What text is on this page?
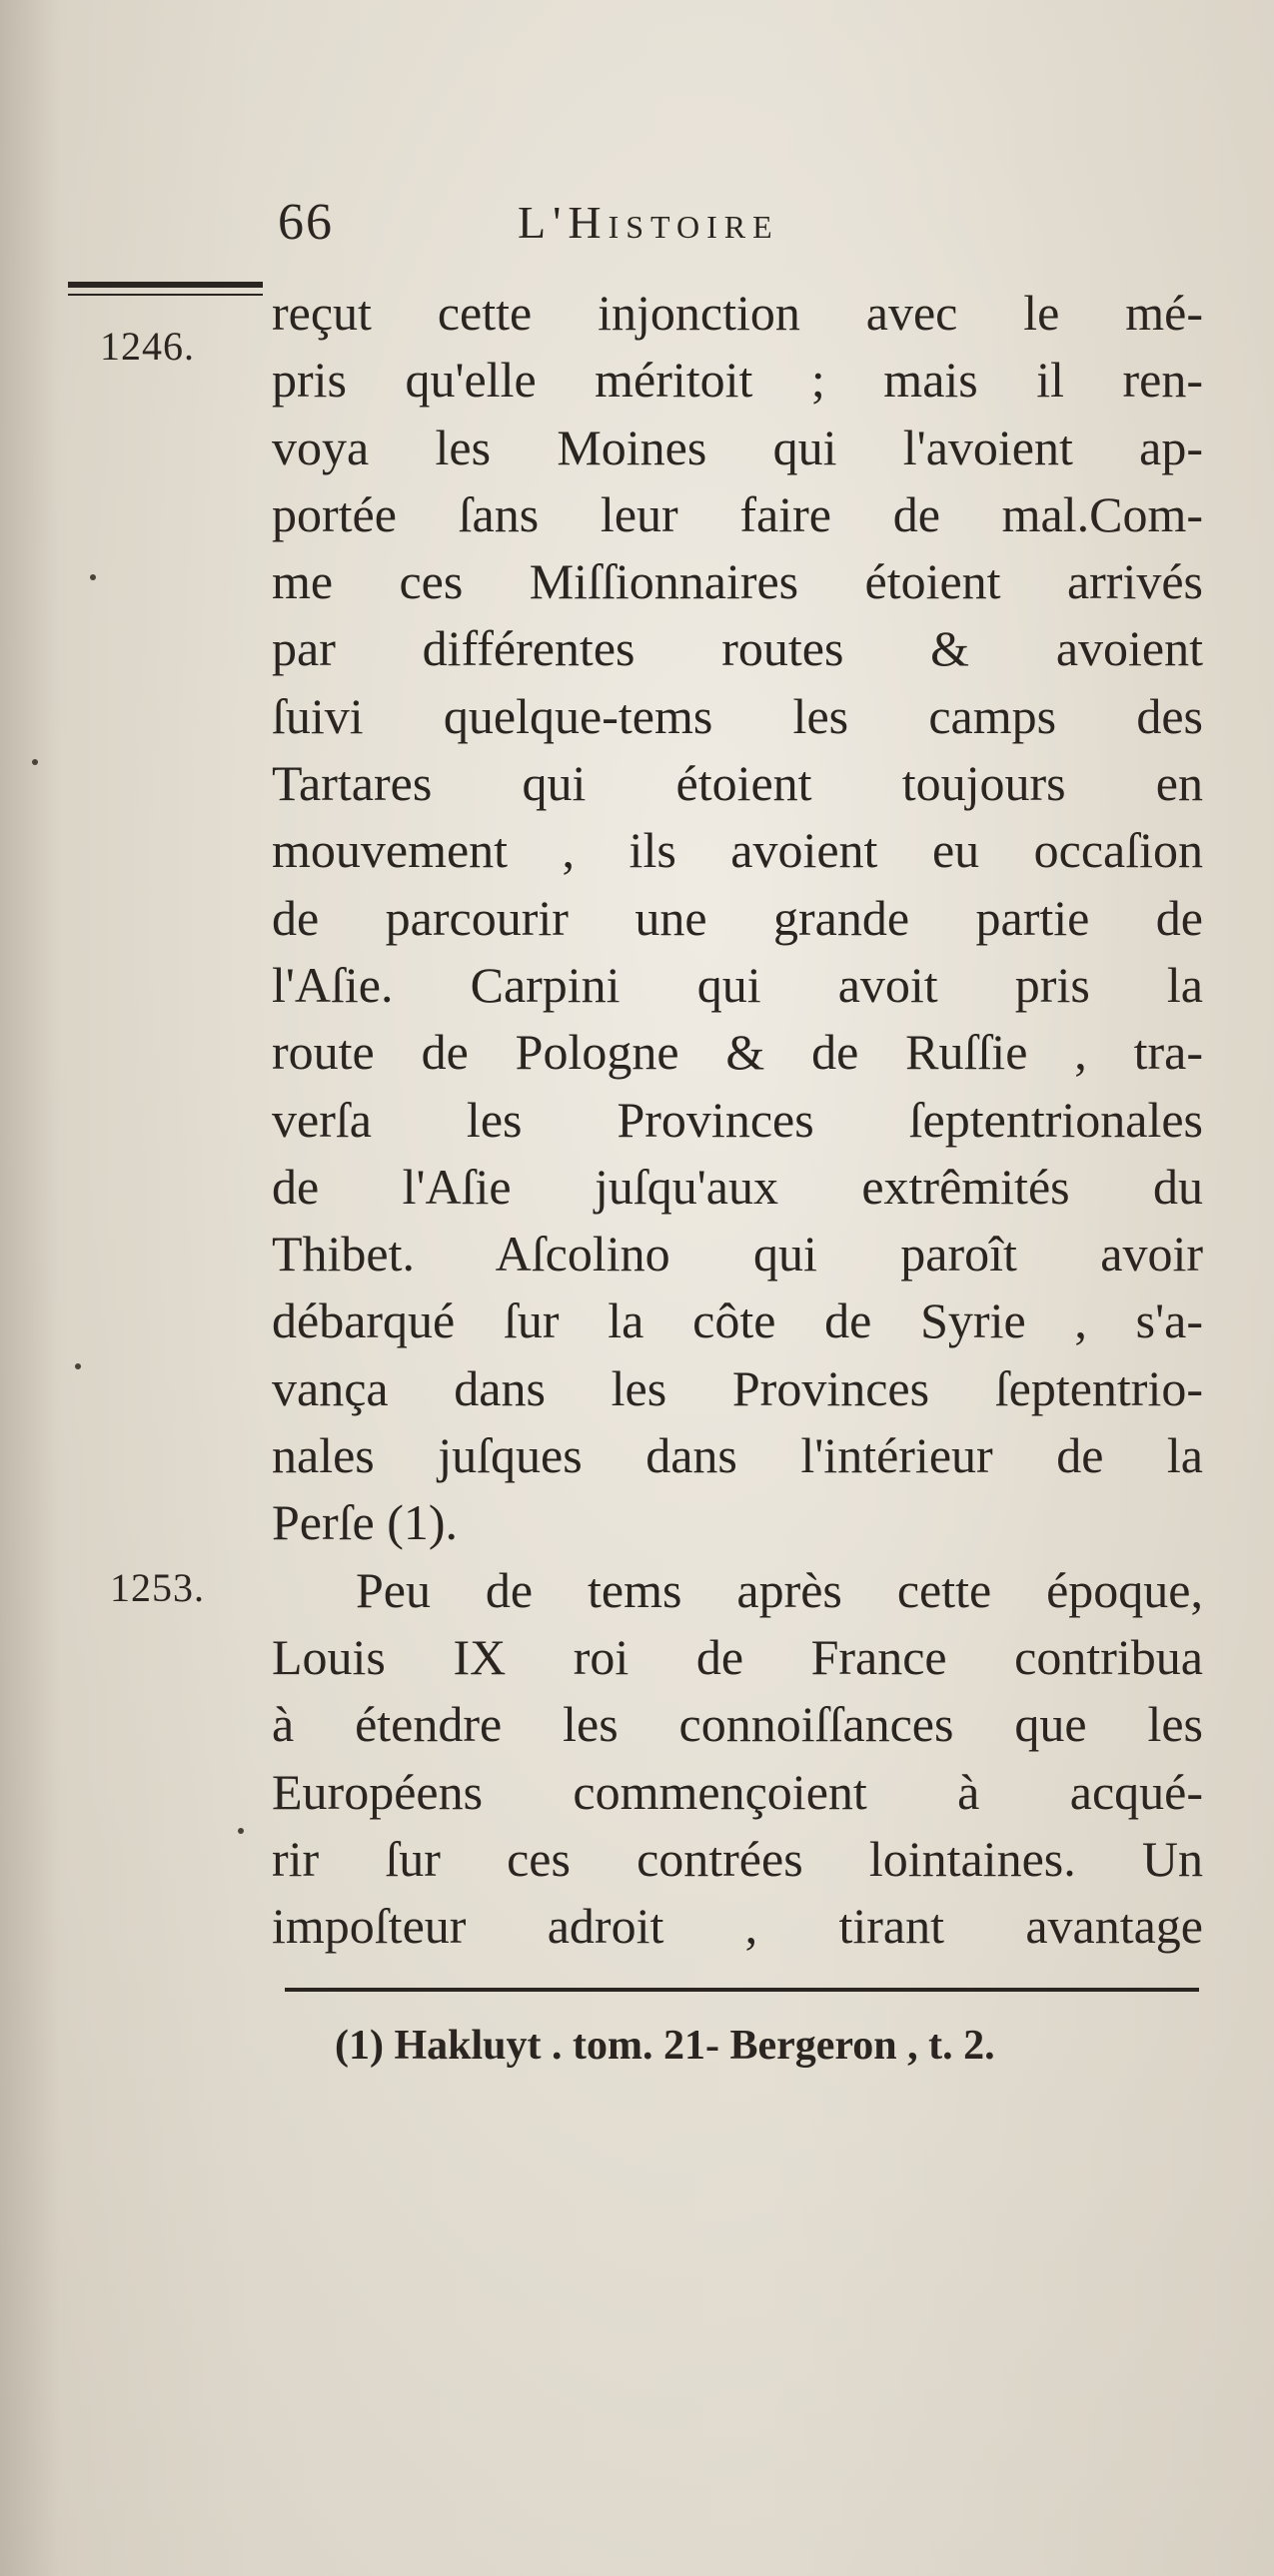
66	L'Histoire
1246.
1253.
reçut cette injonction avec le mé-
pris qu'elle méritoit ; mais il ren-
voya les Moines qui l'avoient ap-
portée ſans leur faire de mal.Com-
me ces Miſſionnaires étoient arrivés
par différentes routes & avoient
ſuivi quelque-tems les camps des
Tartares qui étoient toujours en
mouvement , ils avoient eu occaſion
de parcourir une grande partie de
l'Aſie. Carpini qui avoit pris la
route de Pologne & de Ruſſie , tra-
verſa les Provinces ſeptentrionales
de l'Aſie juſqu'aux extrêmités du
Thibet. Aſcolino qui paroît avoir
débarqué ſur la côte de Syrie , s'a-
vança dans les Provinces ſeptentrio-
nales juſques dans l'intérieur de la
Perſe (1).
Peu de tems après cette époque,
Louis IX roi de France contribua
à étendre les connoiſſances que les
Européens commençoient à acqué-
rir ſur ces contrées lointaines. Un
impoſteur adroit , tirant avantage
(1) Hakluyt . tom. 21- Bergeron , t. 2.
